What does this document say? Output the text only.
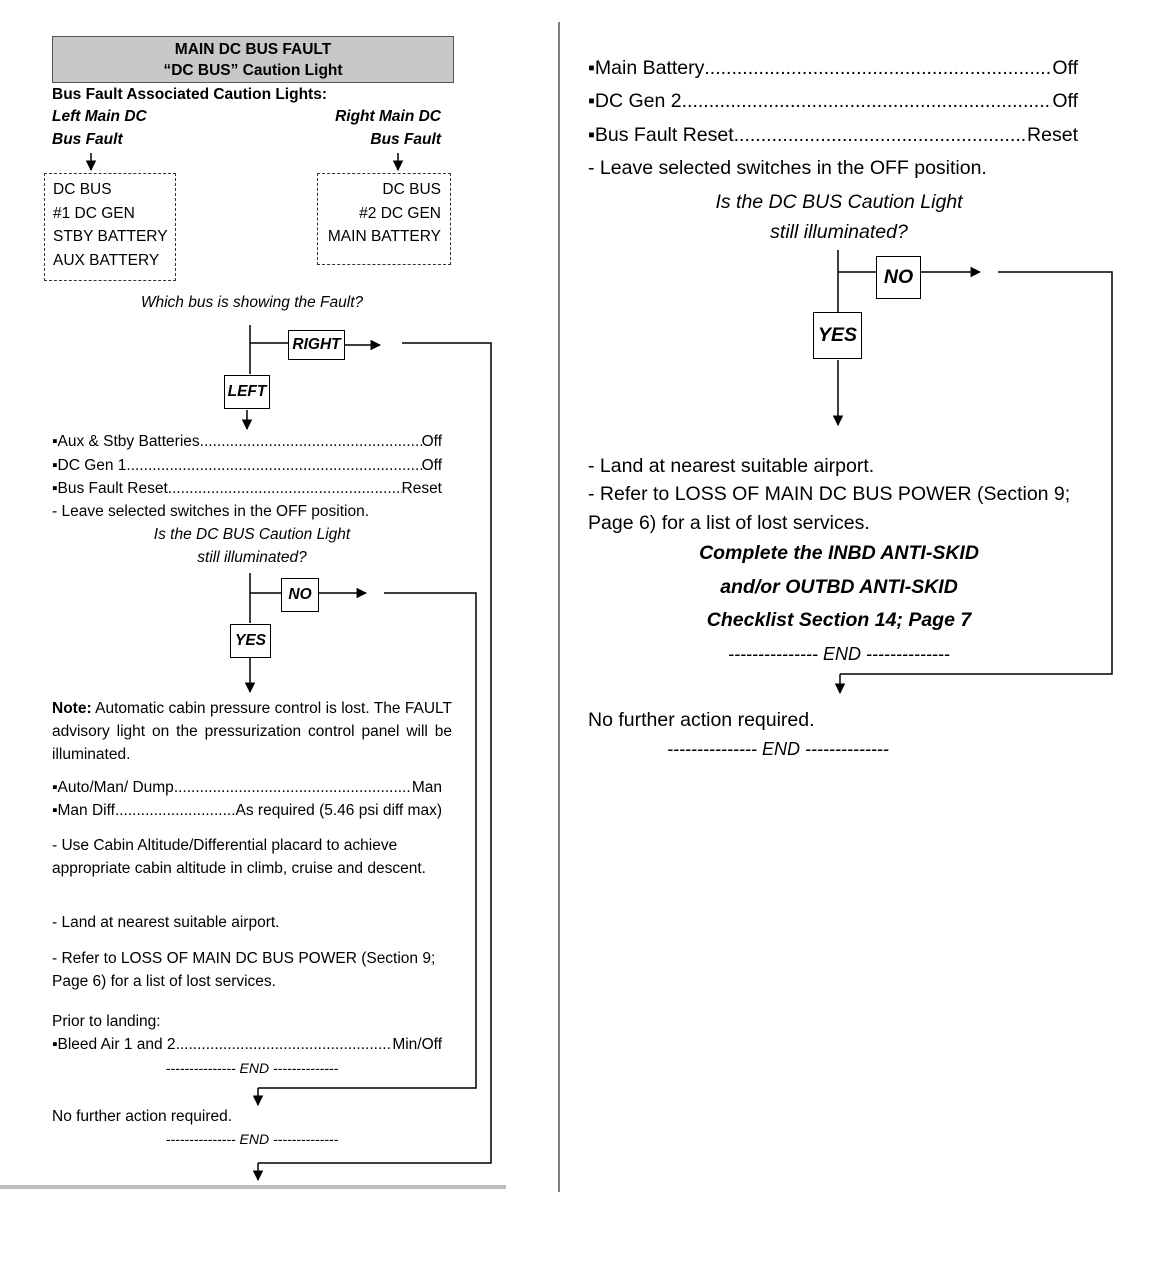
MAIN DC BUS FAULT
“DC BUS” Caution Light
Bus Fault Associated Caution Lights:
Left Main DC
Bus Fault
Right Main DC
Bus Fault
DC BUS
#1 DC GEN
STBY BATTERY
AUX BATTERY
DC BUS
#2 DC GEN
MAIN BATTERY
Which bus is showing the Fault?
RIGHT
LEFT
▪Aux & Stby Batteries .....	Off
▪DC Gen 1 .....	Off
▪Bus Fault Reset .....	Reset
- Leave selected switches in the OFF position.
Is the DC BUS Caution Light
still illuminated?
NO
YES

Note: Automatic cabin pressure control is lost. The FAULT advisory light on the pressurization control panel will be illuminated.

▪Auto/Man/ Dump .....	Man
▪Man Diff .....	As required (5.46 psi diff max)

- Use Cabin Altitude/Differential placard to achieve appropriate cabin altitude in climb, cruise and descent.

- Land at nearest suitable airport.

- Refer to LOSS OF MAIN DC BUS POWER (Section 9; Page 6) for a list of lost services.

Prior to landing:
▪Bleed Air 1 and 2 .....	Min/Off
--------------- END --------------
No further action required.
--------------- END --------------
▪Main Battery .....	Off
▪DC Gen 2 .....	Off
▪Bus Fault Reset .....	Reset
- Leave selected switches in the OFF position.
Is the DC BUS Caution Light
still illuminated?
NO
YES
- Land at nearest suitable airport.
- Refer to LOSS OF MAIN DC BUS POWER (Section 9;
Page 6) for a list of lost services.
Complete the INBD ANTI-SKID
and/or OUTBD ANTI-SKID
Checklist Section 14; Page 7
--------------- END --------------
No further action required.
--------------- END --------------
